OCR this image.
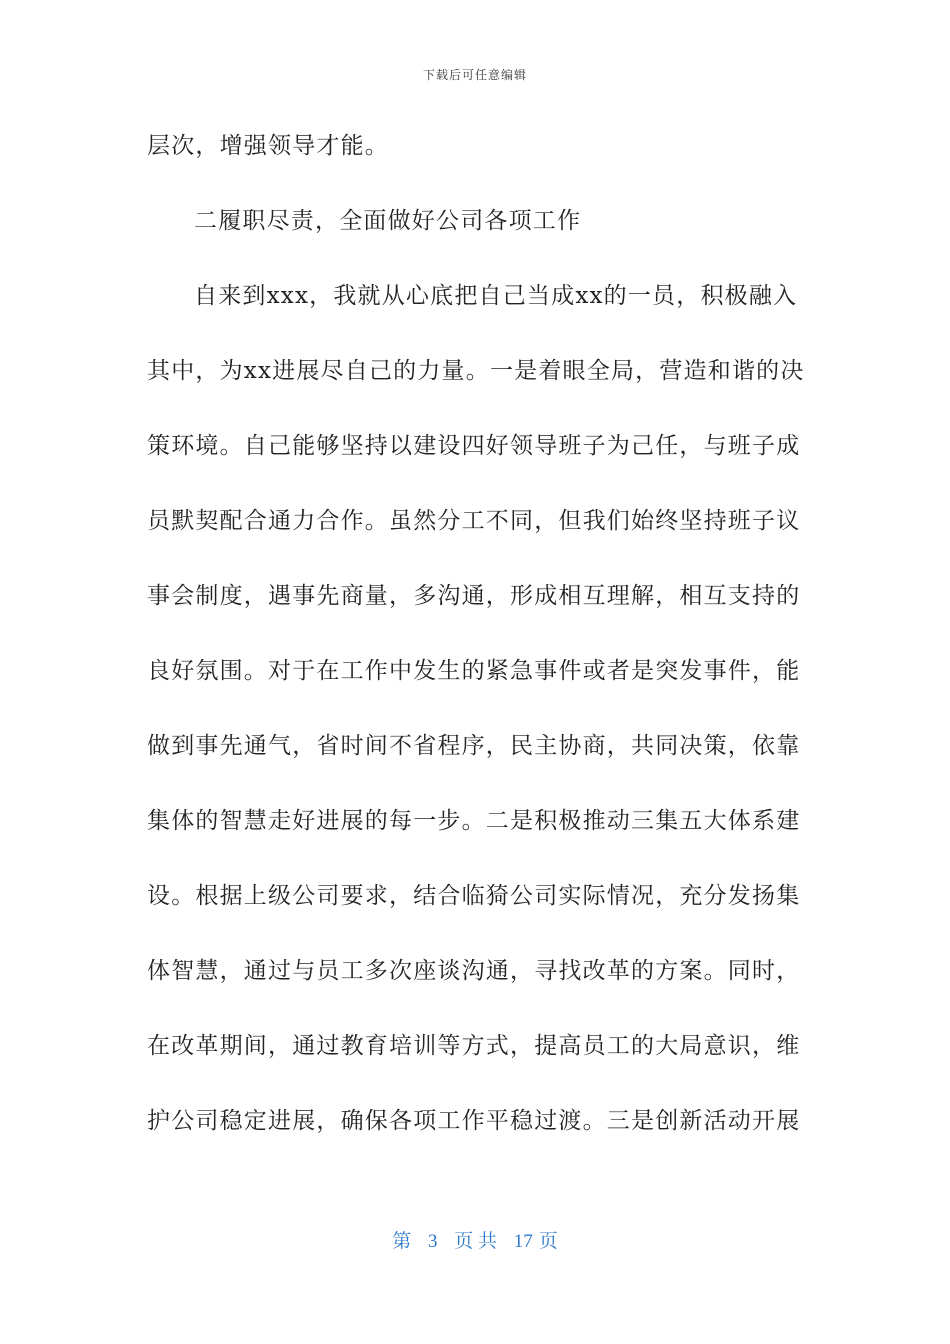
下载后可任意编辑
层次，增强领导才能。
二履职尽责，全面做好公司各项工作
自来到xxx，我就从心底把自己当成xx的一员，积极融入
其中，为xx进展尽自己的力量。一是着眼全局，营造和谐的决
策环境。自己能够坚持以建设四好领导班子为己任，与班子成
员默契配合通力合作。虽然分工不同，但我们始终坚持班子议
事会制度，遇事先商量，多沟通，形成相互理解，相互支持的
良好氛围。对于在工作中发生的紧急事件或者是突发事件，能
做到事先通气，省时间不省程序，民主协商，共同决策，依靠
集体的智慧走好进展的每一步。二是积极推动三集五大体系建
设。根据上级公司要求，结合临猗公司实际情况，充分发扬集
体智慧，通过与员工多次座谈沟通，寻找改革的方案。同时，
在改革期间，通过教育培训等方式，提高员工的大局意识，维
护公司稳定进展，确保各项工作平稳过渡。三是创新活动开展
第 3 页 共 17 页
